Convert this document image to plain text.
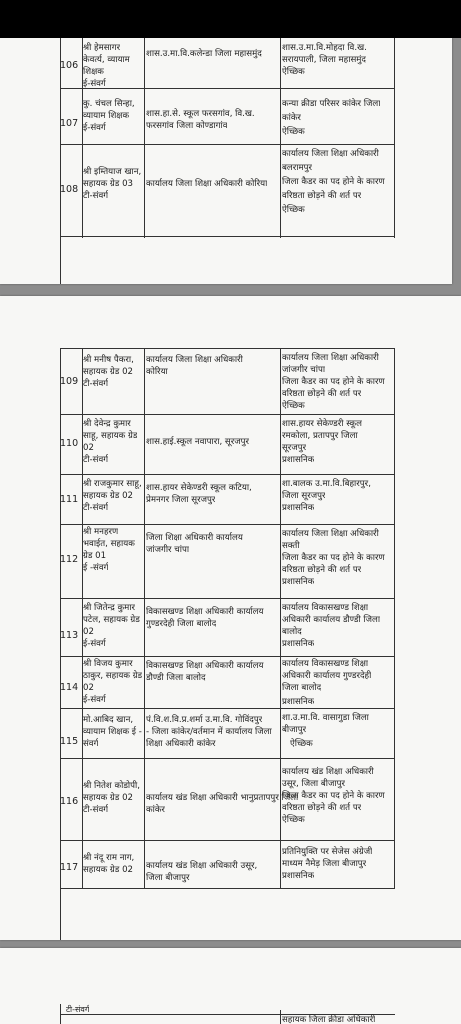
106
श्री हेमसागर
केवर्त्य, व्यायाम
शिक्षक
ई-संवर्ग
शास.उ.मा.वि.कलेन्डा जिला महासमुंद
शास.उ.मा.वि.मोहदा वि.ख.
सरायपाली, जिला महासमुंद
ऐच्छिक
107
कु. चंचल सिन्हा,
व्यायाम शिक्षक
ई-संवर्ग
शास.हा.से. स्कूल फरसगांव, वि.ख.
फरसगांव जिला कोण्डागांव
कन्या क्रीडा परिसर कांकेर जिला
कांकेर
ऐच्छिक
108
श्री इम्तियाज खान,
सहायक ग्रेड 03
टी-संवर्ग
कार्यालय जिला शिक्षा अधिकारी कोरिया
कार्यालय जिला शिक्षा अधिकारी
बलरामपुर
जिला कैडर का पद होने के कारण
वरिष्ठता छोड़ने की शर्त पर
ऐच्छिक
109
श्री मनीष पैकरा,
सहायक ग्रेड 02
टी-संवर्ग
कार्यालय जिला शिक्षा अधिकारी
कोरिया
कार्यालय जिला शिक्षा अधिकारी
जांजगीर चांपा
जिला कैडर का पद होने के कारण
वरिष्ठता छोड़ने की शर्त पर
ऐच्छिक
110
श्री देवेन्द्र कुमार
साहू, सहायक ग्रेड
02
टी-संवर्ग
शास.हाई.स्कूल नवापारा, सूरजपुर
शास.हायर सेकेण्डरी स्कूल
रमकोला, प्रतापपुर जिला
सूरजपुर
प्रशासनिक
111
श्री राजकुमार साहू,
सहायक ग्रेड 02
टी-संवर्ग
शास.हायर सेकेण्डरी स्कूल कटिया,
प्रेमनगर जिला सूरजपुर
शा.बालक उ.मा.वि.बिहारपुर,
जिला सूरजपुर
प्रशासनिक
112
श्री मनहरण
भवाईत, सहायक
ग्रेड 01
ई -संवर्ग
जिला शिक्षा अधिकारी कार्यालय
जांजगीर चांपा
कार्यालय जिला शिक्षा अधिकारी
सक्ती
जिला कैडर का पद होने के कारण
वरिष्ठता छोड़ने की शर्त पर
प्रशासनिक
113
श्री जितेन्द्र कुमार
पटेल, सहायक ग्रेड
02
ई-संवर्ग
विकासखण्ड शिक्षा अधिकारी कार्यालय
गुण्डरदेही जिला बालोद
कार्यालय विकासखण्ड शिक्षा
अधिकारी कार्यालय डौण्डी जिला
बालोद
प्रशासनिक
114
श्री विजय कुमार
ठाकुर, सहायक ग्रेड
02
ई-संवर्ग
विकासखण्ड शिक्षा अधिकारी कार्यालय
डौण्डी जिला बालोद
कार्यालय विकासखण्ड शिक्षा
अधिकारी कार्यालय गुण्डरदेही
जिला बालोद
प्रशासनिक
115
मो.आबिद खान,
व्यायाम शिक्षक ई -
संवर्ग
पं.वि.श.वि.प्र.शर्मा उ.मा.वि. गोविंदपुर
- जिला कांकेर/वर्तमान में कार्यालय जिला
शिक्षा अधिकारी कांकेर
शा.उ.मा.वि. वासागुडा जिला
बीजापुर
ऐच्छिक
116
श्री नितेश कोडोपी,
सहायक ग्रेड 02
टी-संवर्ग
कार्यालय खंड शिक्षा अधिकारी भानुप्रतापपुर जिला
कांकेर
कार्यालय खंड शिक्षा अधिकारी
उसूर, जिला बीजापुर
जिला कैडर का पद होने के कारण
वरिष्ठता छोड़ने की शर्त पर
ऐच्छिक
117
श्री नंदू राम नाग,
सहायक ग्रेड 02 कार्यालय खंड शिक्षा अधिकारी उसूर,
जिला बीजापुर
प्रतिनियुक्ति पर सेजेस अंग्रेजी
माध्यम नैमेड़ जिला बीजापुर
प्रशासनिक
टी-संवर्ग
सहायक जिला क्रीडा अधिकारी
